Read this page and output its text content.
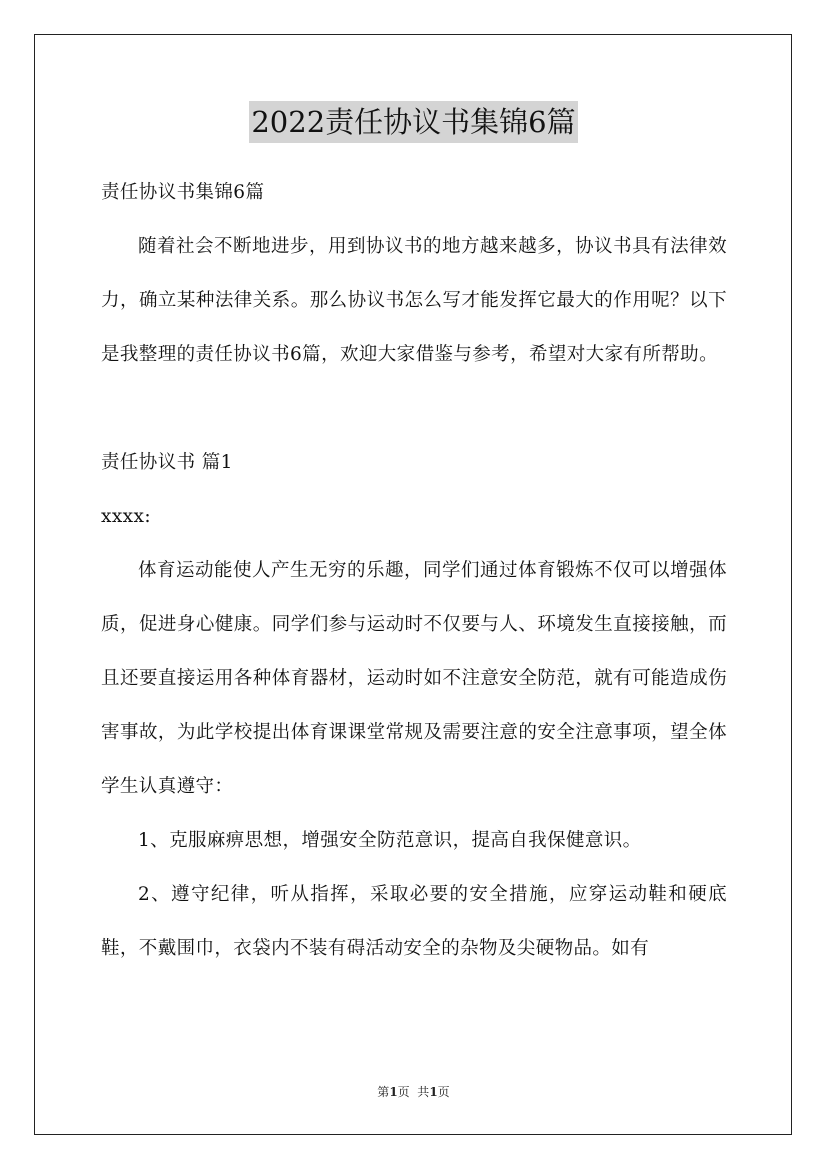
2022责任协议书集锦6篇
责任协议书集锦6篇

随着社会不断地进步，用到协议书的地方越来越多，协议书具有法律效力，确立某种法律关系。那么协议书怎么写才能发挥它最大的作用呢？以下是我整理的责任协议书6篇，欢迎大家借鉴与参考，希望对大家有所帮助。

责任协议书 篇1
xxxx:

体育运动能使人产生无穷的乐趣，同学们通过体育锻炼不仅可以增强体质，促进身心健康。同学们参与运动时不仅要与人、环境发生直接接触，而且还要直接运用各种体育器材，运动时如不注意安全防范，就有可能造成伤害事故，为此学校提出体育课课堂常规及需要注意的安全注意事项，望全体学生认真遵守：

1、克服麻痹思想，增强安全防范意识，提高自我保健意识。

2、遵守纪律，听从指挥，采取必要的安全措施，应穿运动鞋和硬底鞋，不戴围巾，衣袋内不装有碍活动安全的杂物及尖硬物品。如有

第1页  共1页
